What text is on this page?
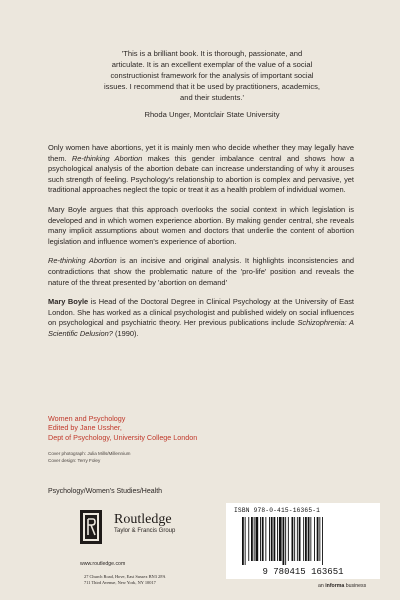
'This is a brilliant book. It is thorough, passionate, and
articulate. It is an excellent exemplar of the value of a social
constructionist framework for the analysis of important social
issues. I recommend that it be used by practitioners, academics,
and their students.'
Rhoda Unger, Montclair State University

Only women have abortions, yet it is mainly men who decide whether they may legally have them. Re-thinking Abortion makes this gender imbalance central and shows how a psychological analysis of the abortion debate can increase understanding of why it arouses such strength of feeling. Psychology's relationship to abortion is complex and pervasive, yet traditional approaches neglect the topic or treat it as a health problem of individual women.

Mary Boyle argues that this approach overlooks the social context in which legislation is developed and in which women experience abortion. By making gender central, she reveals many implicit assumptions about women and doctors that underlie the content of abortion legislation and influence women's experience of abortion.

Re-thinking Abortion is an incisive and original analysis. It highlights inconsistencies and contradictions that show the problematic nature of the 'pro-life' position and reveals the nature of the threat presented by 'abortion on demand'

Mary Boyle is Head of the Doctoral Degree in Clinical Psychology at the University of East London. She has worked as a clinical psychologist and published widely on social influences on psychological and psychiatric theory. Her previous publications include Schizophrenia: A Scientific Delusion? (1990).

Women and Psychology
Edited by Jane Ussher,
Dept of Psychology, University College London
Cover photograph: Julia Mills/Millennium
Cover design: Terry Foley
Psychology/Women's Studies/Health
Routledge
Taylor & Francis Group
www.routledge.com
27 Church Road, Hove, East Sussex BN3 2FA
711 Third Avenue, New York, NY 10017
ISBN 978-0-415-16365-1
9 780415 163651
an informa business
